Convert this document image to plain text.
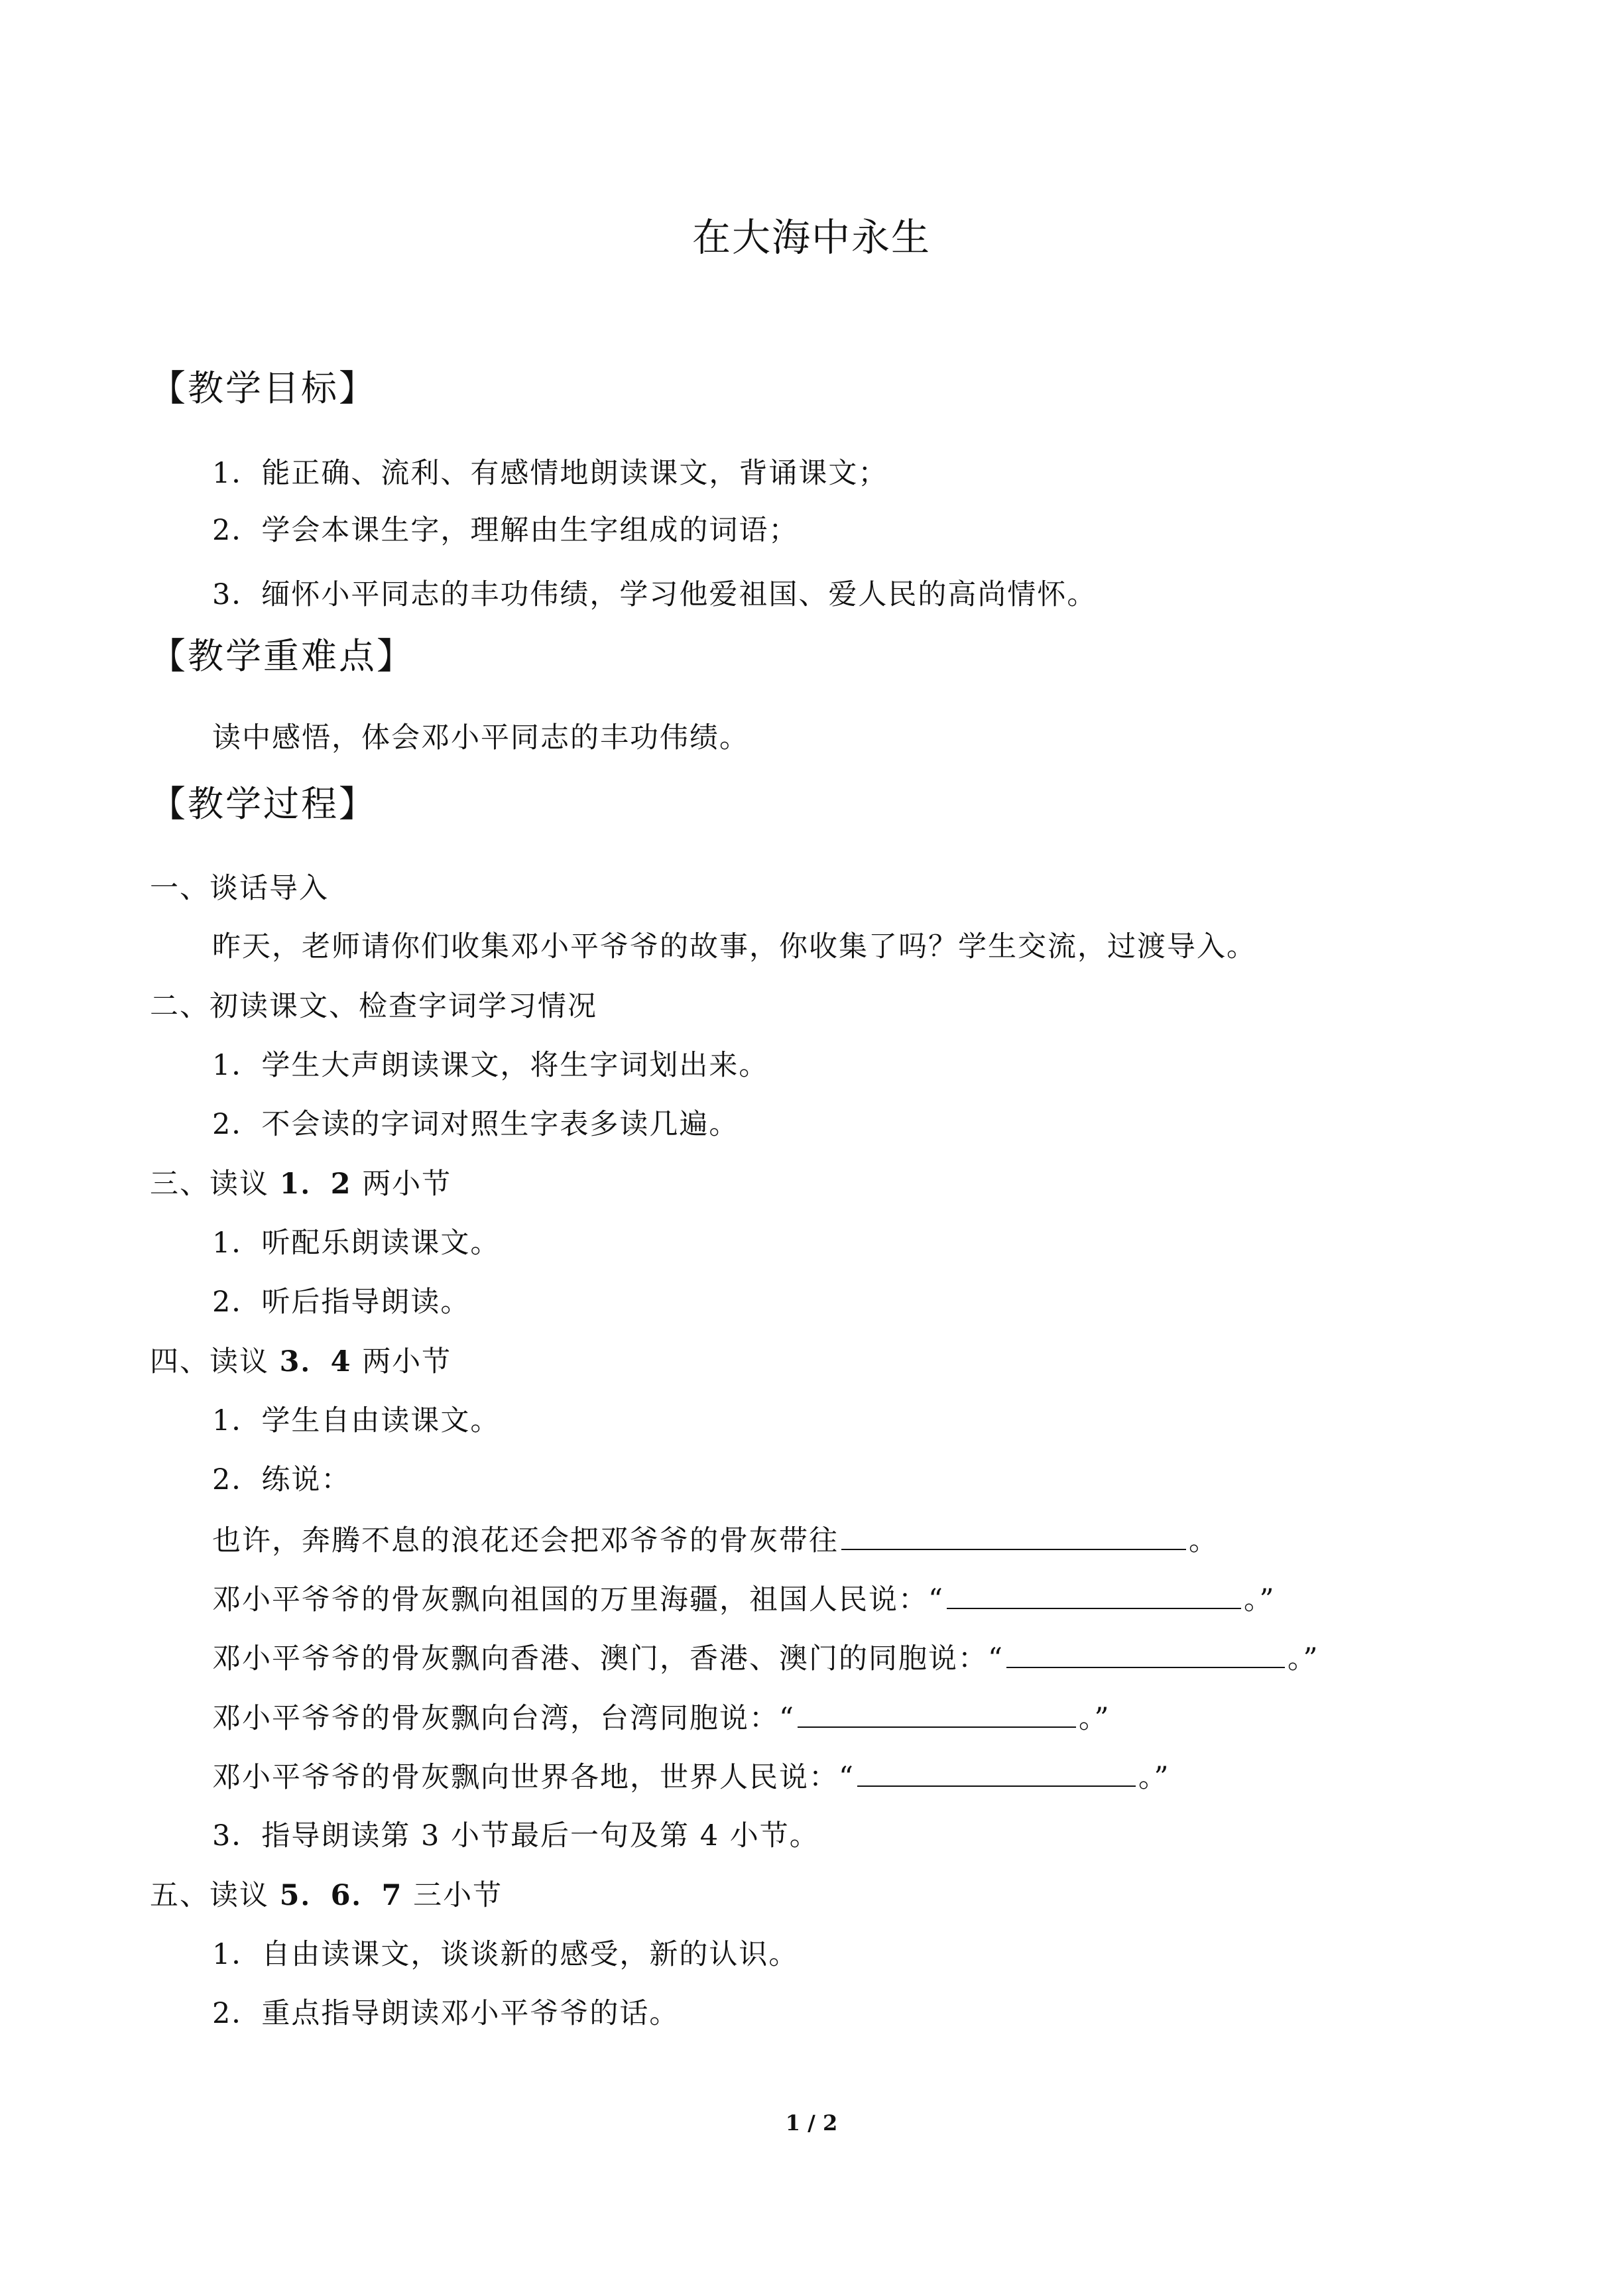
在大海中永生
【教学目标】
1．能正确、流利、有感情地朗读课文，背诵课文；
2．学会本课生字，理解由生字组成的词语；
3．缅怀小平同志的丰功伟绩，学习他爱祖国、爱人民的高尚情怀。
【教学重难点】
读中感悟，体会邓小平同志的丰功伟绩。
【教学过程】
一、谈话导入
昨天，老师请你们收集邓小平爷爷的故事，你收集了吗？学生交流，过渡导入。
二、初读课文、检查字词学习情况
1．学生大声朗读课文，将生字词划出来。
2．不会读的字词对照生字表多读几遍。
三、读议 1．2 两小节
1．听配乐朗读课文。
2．听后指导朗读。
四、读议 3．4 两小节
1．学生自由读课文。
2．练说：
也许，奔腾不息的浪花还会把邓爷爷的骨灰带往	。
邓小平爷爷的骨灰飘向祖国的万里海疆，祖国人民说：“	。”
邓小平爷爷的骨灰飘向香港、澳门，香港、澳门的同胞说：“	。”
邓小平爷爷的骨灰飘向台湾，台湾同胞说：“	。”
邓小平爷爷的骨灰飘向世界各地，世界人民说：“	。”
3．指导朗读第 3 小节最后一句及第 4 小节。
五、读议 5．6．7 三小节
1．自由读课文，谈谈新的感受，新的认识。
2．重点指导朗读邓小平爷爷的话。
1 / 2
